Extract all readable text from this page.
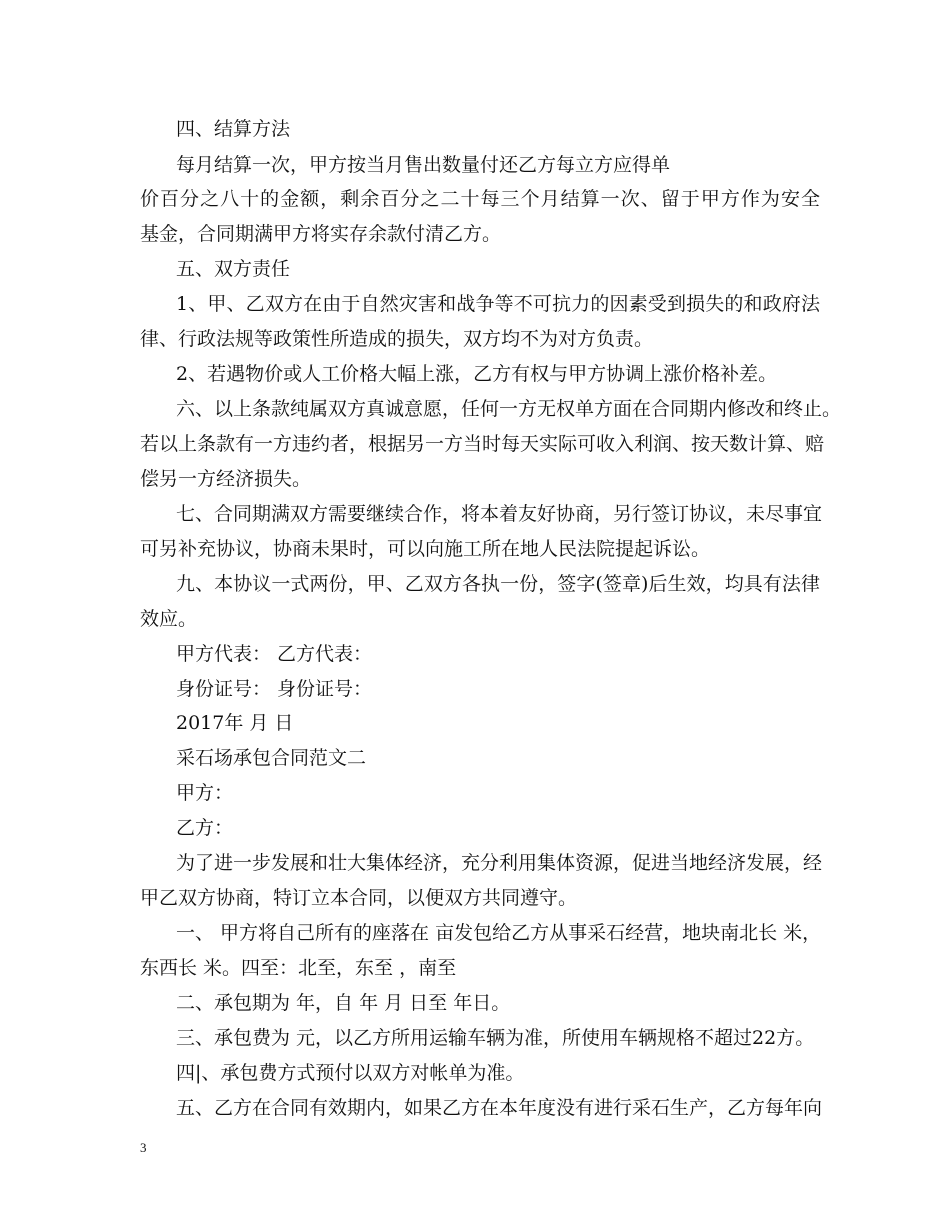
四、结算方法
每月结算一次，甲方按当月售出数量付还乙方每立方应得单
价百分之八十的金额，剩余百分之二十每三个月结算一次、留于甲方作为安全
基金，合同期满甲方将实存余款付清乙方。
五、双方责任
1、甲、乙双方在由于自然灾害和战争等不可抗力的因素受到损失的和政府法
律、行政法规等政策性所造成的损失，双方均不为对方负责。
2、若遇物价或人工价格大幅上涨，乙方有权与甲方协调上涨价格补差。
六、以上条款纯属双方真诚意愿，任何一方无权单方面在合同期内修改和终止。
若以上条款有一方违约者，根据另一方当时每天实际可收入利润、按天数计算、赔
偿另一方经济损失。
七、合同期满双方需要继续合作，将本着友好协商，另行签订协议，未尽事宜
可另补充协议，协商未果时，可以向施工所在地人民法院提起诉讼。
九、本协议一式两份，甲、乙双方各执一份，签字(签章)后生效，均具有法律
效应。
甲方代表： 乙方代表：
身份证号： 身份证号：
2017年 月 日
采石场承包合同范文二
甲方：
乙方：
为了进一步发展和壮大集体经济，充分利用集体资源，促进当地经济发展，经
甲乙双方协商，特订立本合同，以便双方共同遵守。
一、 甲方将自己所有的座落在 亩发包给乙方从事采石经营，地块南北长 米，
东西长 米。四至：北至，东至 ，南至
二、承包期为 年，自 年 月 日至 年日。
三、承包费为 元，以乙方所用运输车辆为准，所使用车辆规格不超过22方。
四|、承包费方式预付以双方对帐单为准。
五、乙方在合同有效期内，如果乙方在本年度没有进行采石生产，乙方每年向
3
